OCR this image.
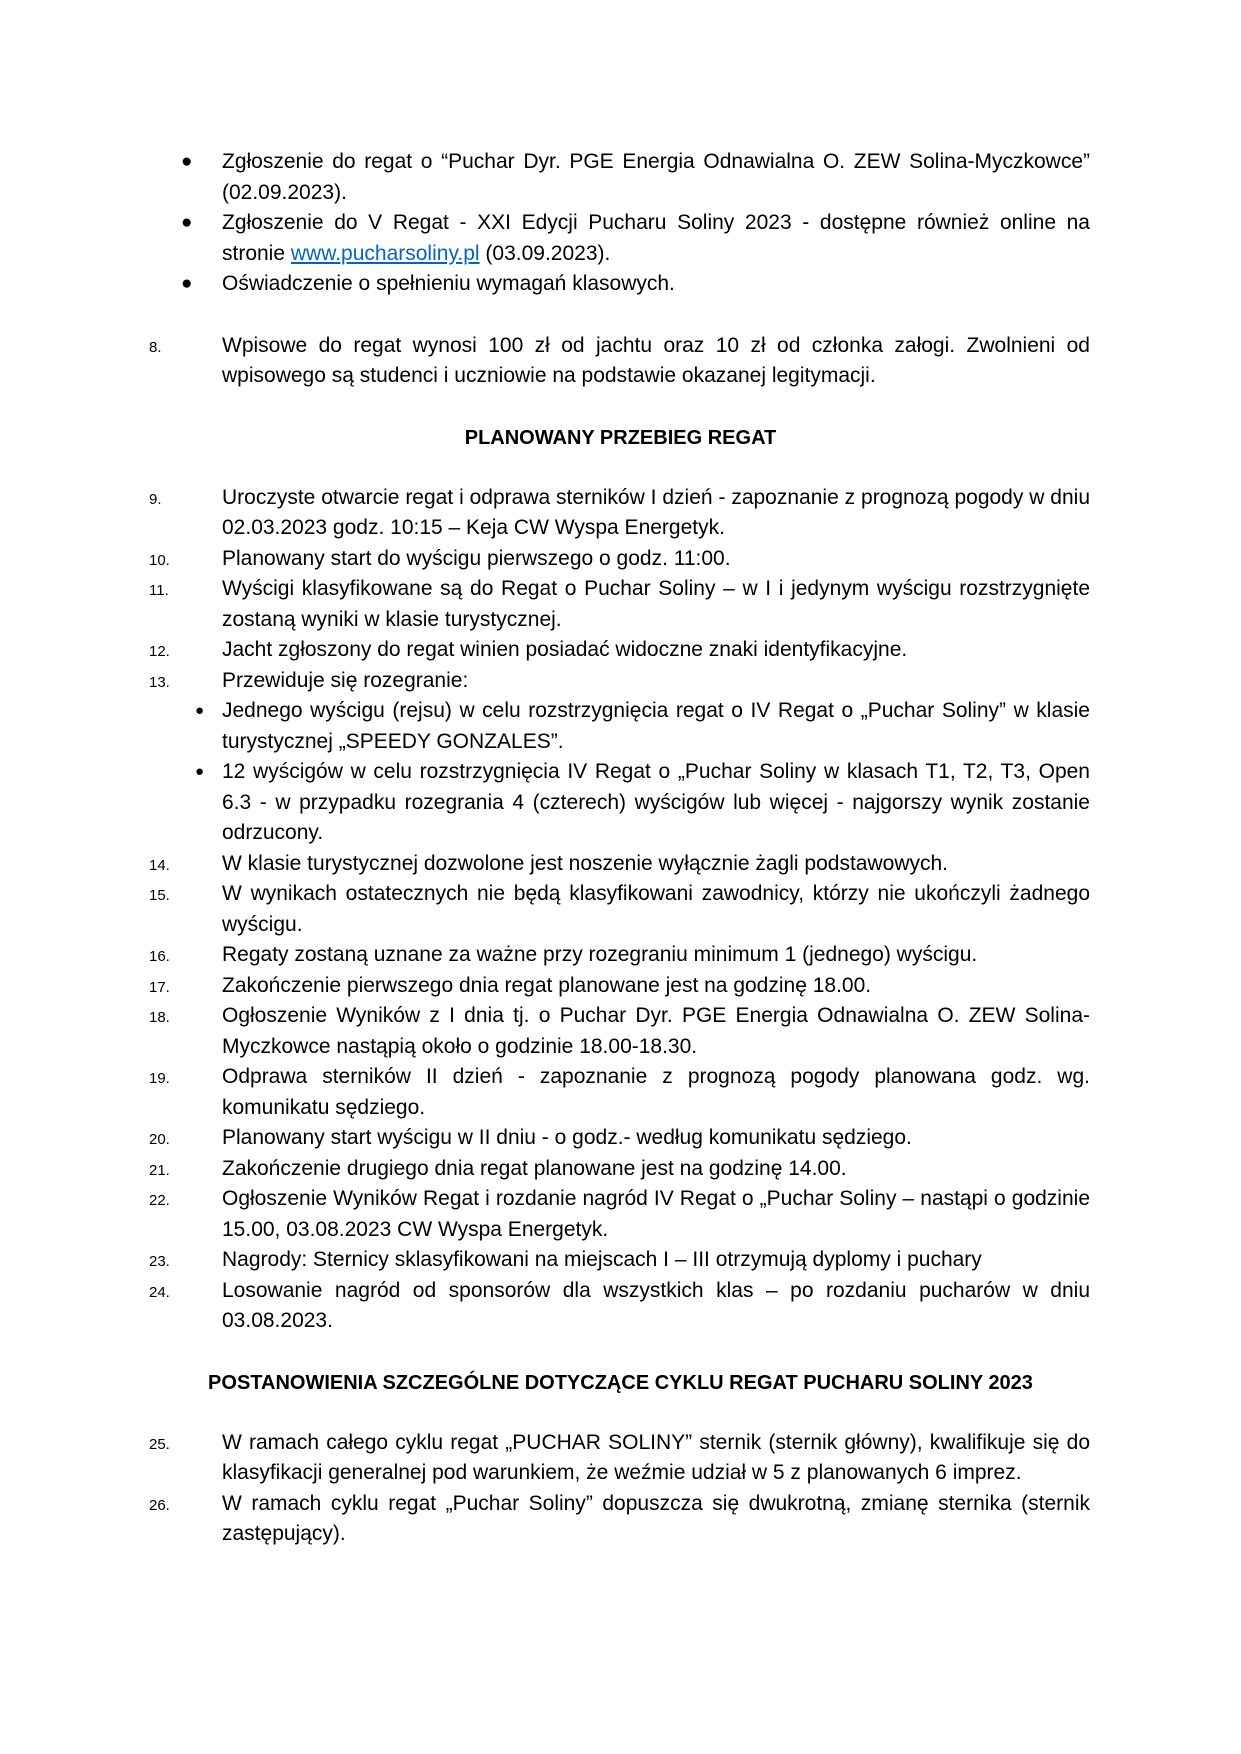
● Zgłoszenie do regat o “Puchar Dyr. PGE Energia Odnawialna O. ZEW Solina-Myczkowce” (02.09.2023).
● Zgłoszenie do V Regat - XXI Edycji Pucharu Soliny 2023 - dostępne również online na stronie www.pucharsoliny.pl (03.09.2023).
● Oświadczenie o spełnieniu wymagań klasowych.
8.	Wpisowe do regat wynosi 100 zł od jachtu oraz 10 zł od członka załogi. Zwolnieni od wpisowego są studenci i uczniowie na podstawie okazanej legitymacji.
PLANOWANY PRZEBIEG REGAT
9.	Uroczyste otwarcie regat i odprawa sterników I dzień - zapoznanie z prognozą pogody w dniu 02.03.2023 godz. 10:15 – Keja CW Wyspa Energetyk.
10. Planowany start do wyścigu pierwszego o godz. 11:00.
11.	Wyścigi klasyfikowane są do Regat o Puchar Soliny – w I i jedynym wyścigu rozstrzygnięte zostaną wyniki w klasie turystycznej.
12. Jacht zgłoszony do regat winien posiadać widoczne znaki identyfikacyjne.
13. Przewiduje się rozegranie:
● Jednego wyścigu (rejsu) w celu rozstrzygnięcia regat o IV Regat o „Puchar Soliny” w klasie turystycznej „SPEEDY GONZALES”.
● 12 wyścigów w celu rozstrzygnięcia IV Regat o „Puchar Soliny w klasach T1, T2, T3, Open 6.3 - w przypadku rozegrania 4 (czterech) wyścigów lub więcej - najgorszy wynik zostanie odrzucony.
14. W klasie turystycznej dozwolone jest noszenie wyłącznie żagli podstawowych.
15. W wynikach ostatecznych nie będą klasyfikowani zawodnicy, którzy nie ukończyli żadnego wyścigu.
16. Regaty zostaną uznane za ważne przy rozegraniu minimum 1 (jednego) wyścigu.
17. Zakończenie pierwszego dnia regat planowane jest na godzinę 18.00.
18. Ogłoszenie Wyników z I dnia tj. o Puchar Dyr. PGE Energia Odnawialna O. ZEW Solina-Myczkowce nastąpią około o godzinie 18.00-18.30.
19. Odprawa sterników II dzień - zapoznanie z prognozą pogody planowana godz. wg. komunikatu sędziego.
20. Planowany start wyścigu w II dniu - o godz.- według komunikatu sędziego.
21. Zakończenie drugiego dnia regat planowane jest na godzinę 14.00.
22. Ogłoszenie Wyników Regat i rozdanie nagród IV Regat o „Puchar Soliny – nastąpi o godzinie 15.00, 03.08.2023 CW Wyspa Energetyk.
23. Nagrody: Sternicy sklasyfikowani na miejscach I – III otrzymują dyplomy i puchary
24. Losowanie nagród od sponsorów dla wszystkich klas – po rozdaniu pucharów w dniu 03.08.2023.
POSTANOWIENIA SZCZEGÓLNE DOTYCZĄCE CYKLU REGAT PUCHARU SOLINY 2023
25. W ramach całego cyklu regat „PUCHAR SOLINY” sternik (sternik główny), kwalifikuje się do klasyfikacji generalnej pod warunkiem, że weźmie udział w 5 z planowanych 6 imprez.
26. W ramach cyklu regat „Puchar Soliny” dopuszcza się dwukrotną, zmianę sternika (sternik zastępujący).
